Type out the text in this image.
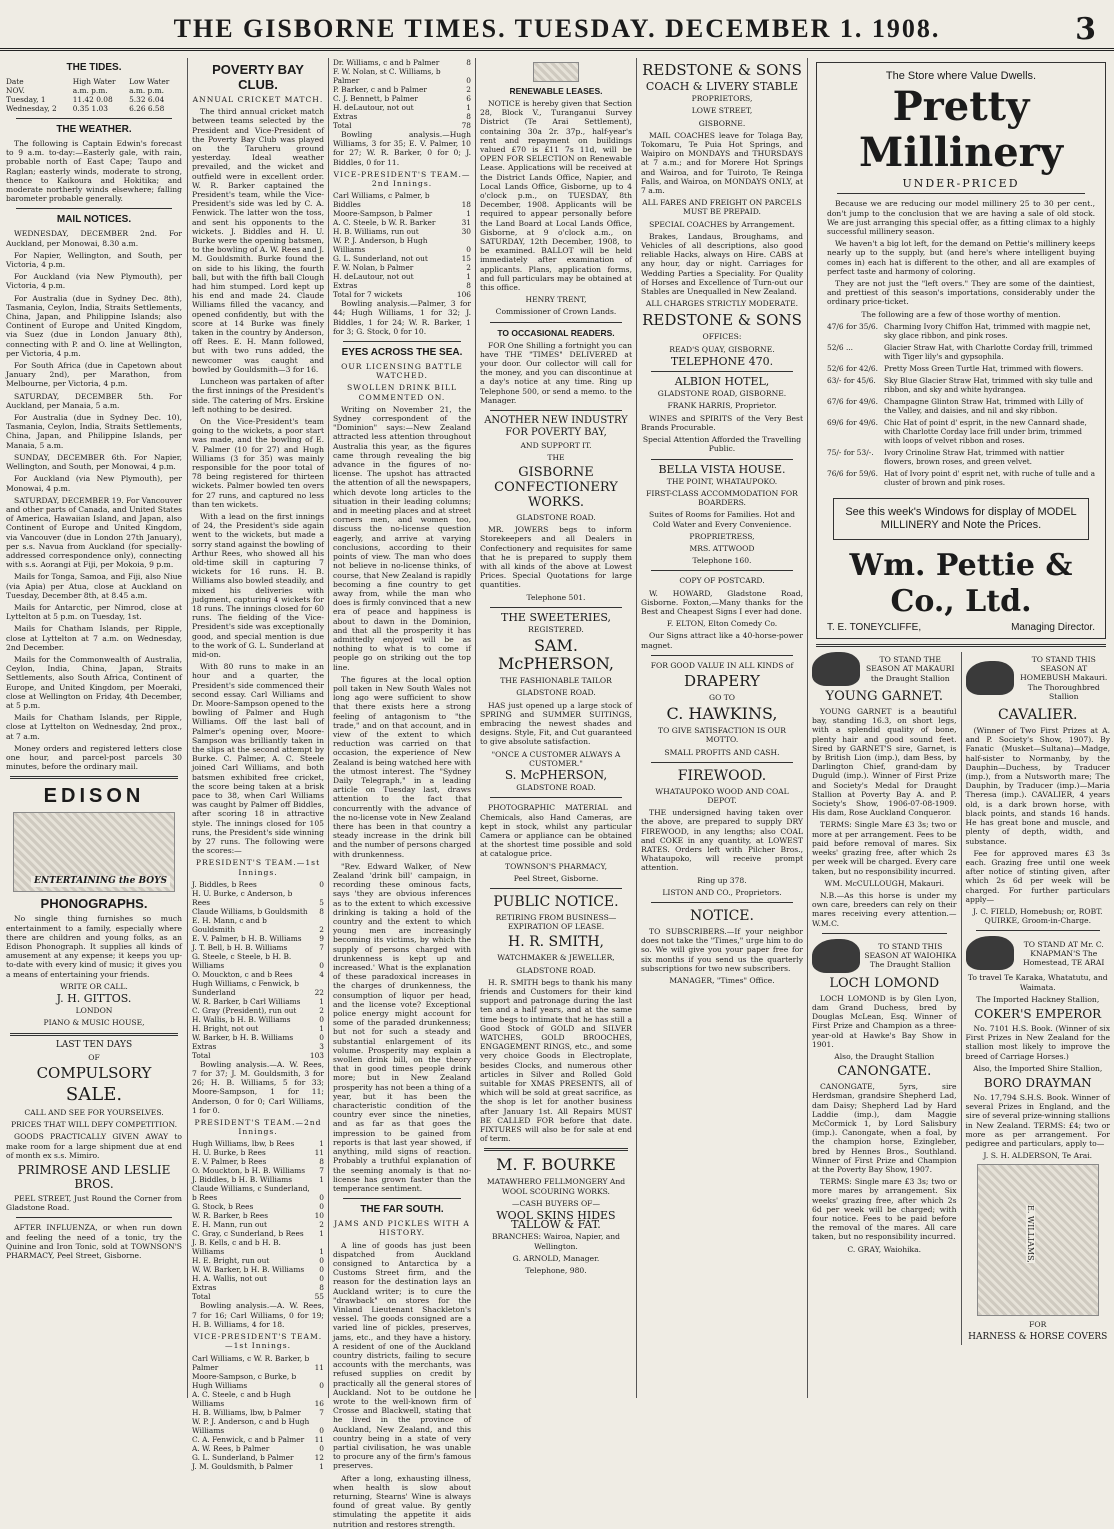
THE GISBORNE TIMES. TUESDAY. DECEMBER 1. 1908.	3
THE TIDES.
Date	High Water	Low Water
NOV.	a.m. p.m.	a.m. p.m.
Tuesday, 1	11.42 0.08	5.32 6.04
Wednesday, 2	0.35 1.03	6.26 6.58
THE WEATHER.

The following is Captain Edwin's forecast to 9 a.m. to-day:—Easterly gale, with rain, probable north of East Cape; Taupo and Raglan; easterly winds, moderate to strong, thence to Kaikoura and Hokitika; and moderate northerly winds elsewhere; falling barometer probable generally.

MAIL NOTICES.

WEDNESDAY, DECEMBER 2nd. For Auckland, per Monowai, 8.30 a.m.

For Napier, Wellington, and South, per Victoria, 4 p.m.

For Auckland (via New Plymouth), per Victoria, 4 p.m.

For Australia (due in Sydney Dec. 8th), Tasmania, Ceylon, India, Straits Settlements, China, Japan, and Philippine Islands; also Continent of Europe and United Kingdom, via Suez (due in London January 8th), connecting with P. and O. line at Wellington, per Victoria, 4 p.m.

For South Africa (due in Capetown about January 2nd), per Marathon, from Melbourne, per Victoria, 4 p.m.

SATURDAY, DECEMBER 5th. For Auckland, per Manaia, 5 a.m.

For Australia (due in Sydney Dec. 10), Tasmania, Ceylon, India, Straits Settlements, China, Japan, and Philippine Islands, per Manaia, 5 a.m.

SUNDAY, DECEMBER 6th. For Napier, Wellington, and South, per Monowai, 4 p.m.

For Auckland (via New Plymouth), per Monowai, 4 p.m.

SATURDAY, DECEMBER 19. For Vancouver and other parts of Canada, and United States of America, Hawaiian Island, and Japan, also Continent of Europe and United Kingdom, via Vancouver (due in London 27th January), per s.s. Navua from Auckland (for specially-addressed correspondence only), connecting with s.s. Aorangi at Fiji, per Mokoia, 9 p.m.

Mails for Tonga, Samoa, and Fiji, also Niue (via Apia) per Atua, close at Auckland on Tuesday, December 8th, at 8.45 a.m.

Mails for Antarctic, per Nimrod, close at Lyttelton at 5 p.m. on Tuesday, 1st.

Mails for Chatham Islands, per Ripple, close at Lyttelton at 7 a.m. on Wednesday, 2nd December.

Mails for the Commonwealth of Australia, Ceylon, India, China, Japan, Straits Settlements, also South Africa, Continent of Europe, and United Kingdom, per Moeraki, close at Wellington on Friday, 4th December, at 5 p.m.

Mails for Chatham Islands, per Ripple, close at Lyttelton on Wednesday, 2nd prox., at 7 a.m.

Money orders and registered letters close one hour, and parcel-post parcels 30 minutes, before the ordinary mail.

EDISON
ENTERTAINING the BOYS
PHONOGRAPHS.

No single thing furnishes so much entertainment to a family, especially where there are children and young folks, as an Edison Phonograph. It supplies all kinds of amusement at any expense; it keeps you up-to-date with every kind of music; it gives you a means of entertaining your friends.

WRITE OR CALL.
J. H. GITTOS.
LONDON
PIANO & MUSIC HOUSE,
LAST TEN DAYS
OF
COMPULSORY
SALE.
CALL AND SEE FOR YOURSELVES.
PRICES THAT WILL DEFY COMPETITION.

GOODS PRACTICALLY GIVEN AWAY to make room for a large shipment due at end of month ex s.s. Mimiro.

PRIMROSE AND LESLIE BROS.

PEEL STREET, Just Round the Corner from Gladstone Road.

AFTER INFLUENZA, or when run down and feeling the need of a tonic, try the Quinine and Iron Tonic, sold at TOWNSON'S PHARMACY, Peel Street, Gisborne.

POVERTY BAY CLUB.
ANNUAL CRICKET MATCH.

The third annual cricket match between teams selected by the President and Vice-President of the Poverty Bay Club was played on the Taruheru ground yesterday. Ideal weather prevailed, and the wicket and outfield were in excellent order. W. R. Barker captained the President's team, while the Vice-President's side was led by C. A. Fenwick. The latter won the toss, and sent his opponents to the wickets. J. Biddles and H. U. Burke were the opening batsmen, to the bowling of A. W. Rees and J. M. Gouldsmith. Burke found the on side to his liking, the fourth ball, but with the fifth ball Clough had him stumped. Lord kept up his end and made 24. Claude Williams filled the vacancy, and opened confidently, but with the score at 14 Burke was finely taken in the country by Anderson, off Rees. E. H. Mann followed, but with two runs added, the newcomer was caught and bowled by Gouldsmith—3 for 16.

Luncheon was partaken of after the first innings of the President's side. The catering of Mrs. Erskine left nothing to be desired.

On the Vice-President's team going to the wickets, a poor start was made, and the bowling of E. V. Palmer (10 for 27) and Hugh Williams (3 for 35) was mainly responsible for the poor total of 78 being registered for thirteen wickets. Palmer bowled ten overs for 27 runs, and captured no less than ten wickets.

With a lead on the first innings of 24, the President's side again went to the wickets, but made a sorry stand against the bowling of Arthur Rees, who showed all his old-time skill in capturing 7 wickets for 16 runs. H. B. Williams also bowled steadily, and mixed his deliveries with judgment, capturing 4 wickets for 18 runs. The innings closed for 60 runs. The fielding of the Vice-President's side was exceptionally good, and special mention is due to the work of G. L. Sunderland at mid-on.

With 80 runs to make in an hour and a quarter, the President's side commenced their second essay. Carl Williams and Dr. Moore-Sampson opened to the bowling of Palmer and Hugh Williams. Off the last ball of Palmer's opening over, Moore-Sampson was brilliantly taken in the slips at the second attempt by Burke. C. Palmer, A. C. Steele joined Carl Williams, and both batsmen exhibited free cricket, the score being taken at a brisk pace to 38, when Carl Williams was caught by Palmer off Biddles, after scoring 18 in attractive style. The innings closed for 105 runs, the President's side winning by 27 runs. The following were the scores:—

PRESIDENT'S TEAM.—1st Innings.
J. Biddles, b Rees	0
H. U. Burke, c Anderson, b Rees	5
Claude Williams, b Gouldsmith	8
E. H. Mann, c and b Gouldsmith	2
E. V. Palmer, b H. B. Williams	9
J. T. Bell, b H. B. Williams	7
G. Steele, c Steele, b H. B. Williams	0
O. Mouckton, c and b Rees	4
Hugh Williams, c Fenwick, b Sunderland	22
W. R. Barker, b Carl Williams	1
C. Gray (President), run out	2
H. Wallis, b H. B. Williams	0
H. Bright, not out	1
W. Barker, b H. B. Williams	0
Extras	3
Total	103

Bowling analysis.—A. W. Rees, 7 for 37; J. M. Gouldsmith, 3 for 26; H. B. Williams, 5 for 33; Moore-Sampson, 1 for 11; Anderson, 0 for 0; Carl Williams, 1 for 0.

PRESIDENT'S TEAM.—2nd Innings.
Hugh Williams, lbw, b Rees	1
H. U. Burke, b Rees	11
E. V. Palmer, b Rees	8
O. Mouckton, b H. B. Williams	7
J. Biddles, b H. B. Williams	1
Claude Williams, c Sunderland, b Rees	0
G. Stock, b Rees	0
W. R. Barker, b Rees	10
E. H. Mann, run out	2
C. Gray, c Sunderland, b Rees	1
J. B. Kells, c and b H. B. Williams	1
H. E. Bright, run out	0
W. W. Barker, b H. B. Williams	0
H. A. Wallis, not out	0
Extras	8
Total	55

Bowling analysis.—A. W. Rees, 7 for 16; Carl Williams, 0 for 19; H. B. Williams, 4 for 18.

VICE-PRESIDENT'S TEAM.—1st Innings.
Carl Williams, c W. R. Barker, b Palmer	11
Moore-Sampson, c Burke, b Hugh Williams	0
A. C. Steele, c and b Hugh Williams	16
H. B. Williams, lbw, b Palmer	7
W. P. J. Anderson, c and b Hugh Williams	0
C. A. Fenwick, c and b Palmer	11
A. W. Rees, b Palmer	0
G. L. Sunderland, b Palmer	12
J. M. Gouldsmith, b Palmer	1
Dr. Williams, c and b Palmer	8
F. W. Nolan, st C. Williams, b Palmer	0
P. Barker, c and b Palmer	2
C. J. Bennett, b Palmer	6
H. deLautour, not out	1
Extras	8
Total	78

Bowling analysis.—Hugh Williams, 3 for 35; E. V. Palmer, 10 for 27; W. R. Barker, 0 for 0; J. Biddles, 0 for 11.

VICE-PRESIDENT'S TEAM.—2nd Innings.
Carl Williams, c Palmer, b Biddles	18
Moore-Sampson, b Palmer	1
A. C. Steele, b W. R. Barker	31
H. B. Williams, run out	30
W. P. J. Anderson, b Hugh Williams	0
G. L. Sunderland, not out	15
F. W. Nolan, b Palmer	2
H. deLautour, not out	1
Extras	8
Total for 7 wickets	106

Bowling analysis.—Palmer, 3 for 44; Hugh Williams, 1 for 32; J. Biddles, 1 for 24; W. R. Barker, 1 for 3; G. Stock, 0 for 10.

EYES ACROSS THE SEA.
OUR LICENSING BATTLE WATCHED.
SWOLLEN DRINK BILL COMMENTED ON.

Writing on November 21, the Sydney correspondent of the "Dominion" says:—New Zealand attracted less attention throughout Australia this year, as the figures came through revealing the big advance in the figures of no-license. The upshot has attracted the attention of all the newspapers, which devote long articles to the situation in their leading columns; and in meeting places and at street corners men, and women too, discuss the no-license question eagerly, and arrive at varying conclusions, according to their points of view. The man who does not believe in no-license thinks, of course, that New Zealand is rapidly becoming a fine country to get away from, while the man who does is firmly convinced that a new era of peace and happiness is about to dawn in the Dominion, and that all the prosperity it has admittedly enjoyed will be as nothing to what is to come if people go on striking out the top line.

The figures at the local option poll taken in New South Wales not long ago were sufficient to show that there exists here a strong feeling of antagonism to "the trade," and on that account, and in view of the extent to which reduction was carried on that occasion, the experience of New Zealand is being watched here with the utmost interest. The "Sydney Daily Telegraph," in a leading article on Tuesday last, draws attention to the fact that concurrently with the advance of the no-license vote in New Zealand there has been in that country a steady increase in the drink bill and the number of persons charged with drunkenness.

"Rev. Edward Walker, of New Zealand 'drink bill' campaign, in recording these ominous facts, says 'they are obvious inferences as to the extent to which excessive drinking is taking a hold of the country and the extent to which young men are increasingly becoming its victims, by which the supply of persons charged with drunkenness is kept up and increased.' What is the explanation of these paradoxical increases in the charges of drunkenness, the consumption of liquor per head, and the license vote? Exceptional police energy might account for some of the paraded drunkenness; but not for such a steady and substantial enlargement of its volume. Prosperity may explain a swollen drink bill, on the theory that in good times people drink more; but in New Zealand prosperity has not been a thing of a year, but it has been the characteristic condition of the country ever since the nineties, and as far as that goes the impression to be gained from reports is that last year showed, if anything, mild signs of reaction. Probably a truthful explanation of the seeming anomaly is that no-license has grown faster than the temperance sentiment.

THE FAR SOUTH.
JAMS AND PICKLES WITH A HISTORY.

A line of goods has just been dispatched from Auckland consigned to Antarctica by a Customs Street firm, and the reason for the destination lays an Auckland writer; is to cure the "drawback" on stores for the Vinland Lieutenant Shackleton's vessel. The goods consigned are a varied line of pickles, preserves, jams, etc., and they have a history. A resident of one of the Auckland country districts, failing to secure accounts with the merchants, was refused supplies on credit by practically all the general stores of Auckland. Not to be outdone he wrote to the well-known firm of Crosse and Blackwell, stating that he lived in the province of Auckland, New Zealand, and this country being in a state of very partial civilisation, he was unable to procure any of the firm's famous preserves.

After a long, exhausting illness, when health is slow about returning, Stearns' Wine is always found of great value. By gently stimulating the appetite it aids nutrition and restores strength.

RENEWABLE LEASES.

NOTICE is hereby given that Section 28, Block V., Turanganui Survey District (Te Arai Settlement), containing 30a 2r. 37p., half-year's rent and repayment on buildings valued £70 is £11 7s 11d, will be OPEN FOR SELECTION on Renewable Lease. Applications will be received at the District Lands Office, Napier, and Local Lands Office, Gisborne, up to 4 o'clock p.m., on TUESDAY, 8th December, 1908. Applicants will be required to appear personally before the Land Board at Local Lands Office, Gisborne, at 9 o'clock a.m., on SATURDAY, 12th December, 1908, to be examined. BALLOT will be held immediately after examination of applicants. Plans, application forms, and full particulars may be obtained at this office.

HENRY TRENT,
Commissioner of Crown Lands.
TO OCCASIONAL READERS.

FOR One Shilling a fortnight you can have THE "TIMES" DELIVERED at your door. Our collector will call for the money, and you can discontinue at a day's notice at any time. Ring up Telephone 500, or send a memo. to the Manager.

ANOTHER NEW INDUSTRY
FOR POVERTY BAY,
AND SUPPORT IT.
THE
GISBORNE CONFECTIONERY WORKS.
GLADSTONE ROAD.

MR. JOWERS begs to inform Storekeepers and all Dealers in Confectionery and requisites for same that he is prepared to supply them with all kinds of the above at Lowest Prices. Special Quotations for large quantities.

Telephone 501.
THE SWEETERIES,
REGISTERED.
SAM. McPHERSON,
THE FASHIONABLE TAILOR
GLADSTONE ROAD.

HAS just opened up a large stock of SPRING and SUMMER SUITINGS, embracing the newest shades and designs. Style, Fit, and Cut guaranteed to give absolute satisfaction.

"ONCE A CUSTOMER ALWAYS A CUSTOMER."
S. McPHERSON,
GLADSTONE ROAD.

PHOTOGRAPHIC MATERIAL and Chemicals, also Hand Cameras, are kept in stock, whilst any particular Camera or appliance can be obtained at the shortest time possible and sold at catalogue price.

TOWNSON'S PHARMACY,
Peel Street, Gisborne.
PUBLIC NOTICE.
RETIRING FROM BUSINESS—EXPIRATION OF LEASE.
H. R. SMITH,
WATCHMAKER & JEWELLER,
GLADSTONE ROAD.

H. R. SMITH begs to thank his many friends and Customers for their kind support and patronage during the last ten and a half years, and at the same time begs to intimate that he has still a Good Stock of GOLD and SILVER WATCHES, GOLD BROOCHES, ENGAGEMENT RINGS, etc., and some very choice Goods in Electroplate, besides Clocks, and numerous other articles in Silver and Rolled Gold suitable for XMAS PRESENTS, all of which will be sold at great sacrifice, as the shop is let for another business after January 1st. All Repairs MUST BE CALLED FOR before that date. FIXTURES will also be for sale at end of term.

M. F. BOURKE
MATAWHERO FELLMONGERY And WOOL SCOURING WORKS.
—CASH BUYERS OF—
WOOL SKINS HIDES TALLOW & FAT.
BRANCHES: Wairoa, Napier, and Wellington.
G. ARNOLD, Manager.
Telephone, 980.
REDSTONE & SONS
COACH & LIVERY STABLE
PROPRIETORS,
LOWE STREET,
GISBORNE.

MAIL COACHES leave for Tolaga Bay, Tokomaru, Te Puia Hot Springs, and Waipiro on MONDAYS and THURSDAYS at 7 a.m.; and for Morere Hot Springs and Wairoa, and for Tuiroto, Te Reinga Falls, and Wairoa, on MONDAYS ONLY, at 7 a.m.

ALL FARES AND FREIGHT ON PARCELS MUST BE PREPAID.
SPECIAL COACHES by Arrangement.

Brakes, Landaus, Broughams, and Vehicles of all descriptions, also good reliable Hacks, always on Hire. CABS at any hour, day or night. Carriages for Wedding Parties a Speciality. For Quality of Horses and Excellence of Turn-out our Stables are Unequalled in New Zealand.

ALL CHARGES STRICTLY MODERATE.
REDSTONE & SONS
OFFICES:
READ'S QUAY, GISBORNE.
TELEPHONE 470.
ALBION HOTEL,
GLADSTONE ROAD, GISBORNE.
FRANK HARRIS, Proprietor.

WINES and SPIRITS of the Very Best Brands Procurable.

Special Attention Afforded the Travelling Public.
BELLA VISTA HOUSE.
THE POINT, WHATAUPOKO.
FIRST-CLASS ACCOMMODATION FOR BOARDERS.
Suites of Rooms for Families. Hot and Cold Water and Every Convenience.
PROPRIETRESS,
MRS. ATTWOOD
Telephone 160.
COPY OF POSTCARD.

W. HOWARD, Gladstone Road, Gisborne. Foxton,—Many thanks for the Best and Cheapest Signs I ever had done.

F. ELTON, Elton Comedy Co.

Our Signs attract like a 40-horse-power magnet.

FOR GOOD VALUE IN ALL KINDS of
DRAPERY
GO TO
C. HAWKINS,
TO GIVE SATISFACTION IS OUR MOTTO.
SMALL PROFITS AND CASH.
FIREWOOD.
WHATAUPOKO WOOD AND COAL DEPOT.

THE undersigned having taken over the above, are prepared to supply DRY FIREWOOD, in any lengths; also COAL and COKE in any quantity, at LOWEST RATES. Orders left with Pilcher Bros., Whataupoko, will receive prompt attention.

Ring up 378.
LISTON AND CO., Proprietors.
NOTICE.

TO SUBSCRIBERS.—If your neighbor does not take the "Times," urge him to do so. We will give you your paper free for six months if you send us the quarterly subscriptions for two new subscribers.

MANAGER, "Times" Office.
The Store where Value Dwells.
Pretty Millinery
UNDER-PRICED

Because we are reducing our model millinery 25 to 30 per cent., don't jump to the conclusion that we are having a sale of old stock. We are just arranging this special offer, as a fitting climax to a highly successful millinery season.

We haven't a big lot left, for the demand on Pettie's millinery keeps nearly up to the supply, but (and here's where intelligent buying comes in) each hat is different to the other, and all are examples of perfect taste and harmony of coloring.

They are not just the "left overs." They are some of the daintiest, and prettiest of this season's importations, considerably under the ordinary price-ticket.

The following are a few of those worthy of mention.
47/6 for 35/6.	Charming Ivory Chiffon Hat, trimmed with magpie net, sky glace ribbon, and pink roses.
52/6 ...	Glacier Straw Hat, with Charlotte Corday frill, trimmed with Tiger lily's and gypsophila.
52/6 for 42/6.	Pretty Moss Green Turtle Hat, trimmed with flowers.
63/- for 45/6.	Sky Blue Glacier Straw Hat, trimmed with sky tulle and ribbon, and sky and white hydrangea.
67/6 for 49/6.	Champagne Glinton Straw Hat, trimmed with Lilly of the Valley, and daisies, and nil and sky ribbon.
69/6 for 49/6.	Chic Hat of point d' esprit, in the new Cannard shade, with Charlotte Corday lace frill under brim, trimmed with loops of velvet ribbon and roses.
75/- for 53/-.	Ivory Crinoline Straw Hat, trimmed with nattier flowers, brown roses, and green velvet.
76/6 for 59/6.	Hat of Ivory point d' esprit net, with ruche of tulle and a cluster of brown and pink roses.
See this week's Windows for display of MODEL MILLINERY and Note the Prices.
Wm. Pettie & Co., Ltd.
T. E. TONEYCLIFFE,	Managing Director.
TO STAND THE SEASON AT MAKAURI the Draught Stallion
YOUNG GARNET.

YOUNG GARNET is a beautiful bay, standing 16.3, on short legs, with a splendid quality of bone, plenty hair and good sound feet. Sired by GARNET'S sire, Garnet, is by British Lion (imp.), dam Bess, by Darlington Chief, grand-dam by Duguld (imp.). Winner of First Prize and Society's Medal for Draught Stallion at Poverty Bay A. and P. Society's Show, 1906-07-08-1909. His dam, Rose Auckland Conqueror.

TERMS: Single Mare £3 3s; two or more at per arrangement. Fees to be paid before removal of mares. Six weeks' grazing free, after which 2s per week will be charged. Every care taken, but no responsibility incurred.

WM. McCULLOUGH, Makauri.

N.B.—As this horse is under my own care, breeders can rely on their mares receiving every attention.—W.M.C.

TO STAND THIS SEASON AT WAIOHIKA The Draught Stallion
LOCH LOMOND

LOCH LOMOND is by Glen Lyon, dam Grand Duchess, bred by Douglas McLean, Esq. Winner of First Prize and Champion as a three-year-old at Hawke's Bay Show in 1901.

Also, the Draught Stallion
CANONGATE.

CANONGATE, 5yrs, sire Herdsman, grandsire Shepherd Lad, dam Daisy; Shepherd Lad by Hard Laddie (imp.), dam Maggie McCormick 1, by Lord Salisbury (imp.). Canongate, when a foal, by the champion horse, Ezingleber, bred by Hennes Bros., Southland. Winner of First Prize and Champion at the Poverty Bay Show, 1907.

TERMS: Single mare £3 3s; two or more mares by arrangement. Six weeks' grazing free, after which 2s 6d per week will be charged; with four notice. Fees to be paid before the removal of the mares. All care taken, but no responsibility incurred.

C. GRAY, Waiohika.
TO STAND THIS SEASON AT HOMEBUSH Makauri. The Thoroughbred Stallion
CAVALIER.

(Winner of Two First Prizes at A. and P. Society's Show, 1907). By Fanatic (Musket—Sultana)—Madge, half-sister to Normanby, by the Dauphin—Duchess, by Traducer (imp.), from a Nutsworth mare; The Dauphin, by Traducer (imp.)—Maria Theresa (imp.). CAVALIER, 4 years old, is a dark brown horse, with black points, and stands 16 hands. He has great bone and muscle, and plenty of depth, width, and substance.

Fee for approved mares £3 3s each. Grazing free until one week after notice of stinting given, after which 2s 6d per week will be charged. For further particulars apply—

J. C. FIELD, Homebush; or, ROBT. QUIRKE, Groom-in-Charge.
TO STAND AT Mr. C. KNAPMAN'S The Homestead, TE ARAI
To travel Te Karaka, Whatatutu, and Waimata.
The Imported Hackney Stallion,
COKER'S EMPEROR

No. 7101 H.S. Book. (Winner of six First Prizes in New Zealand for the stallion most likely to improve the breed of Carriage Horses.)

Also, the Imported Shire Stallion,
BORO DRAYMAN

No. 17,794 S.H.S. Book. Winner of several Prizes in England, and the sire of several prize-winning stallions in New Zealand. TERMS: £4; two or more as per arrangement. For pedigree and particulars, apply to—

J. S. H. ALDERSON, Te Arai.
E. WILLIAMS,
FOR
HARNESS & HORSE COVERS
